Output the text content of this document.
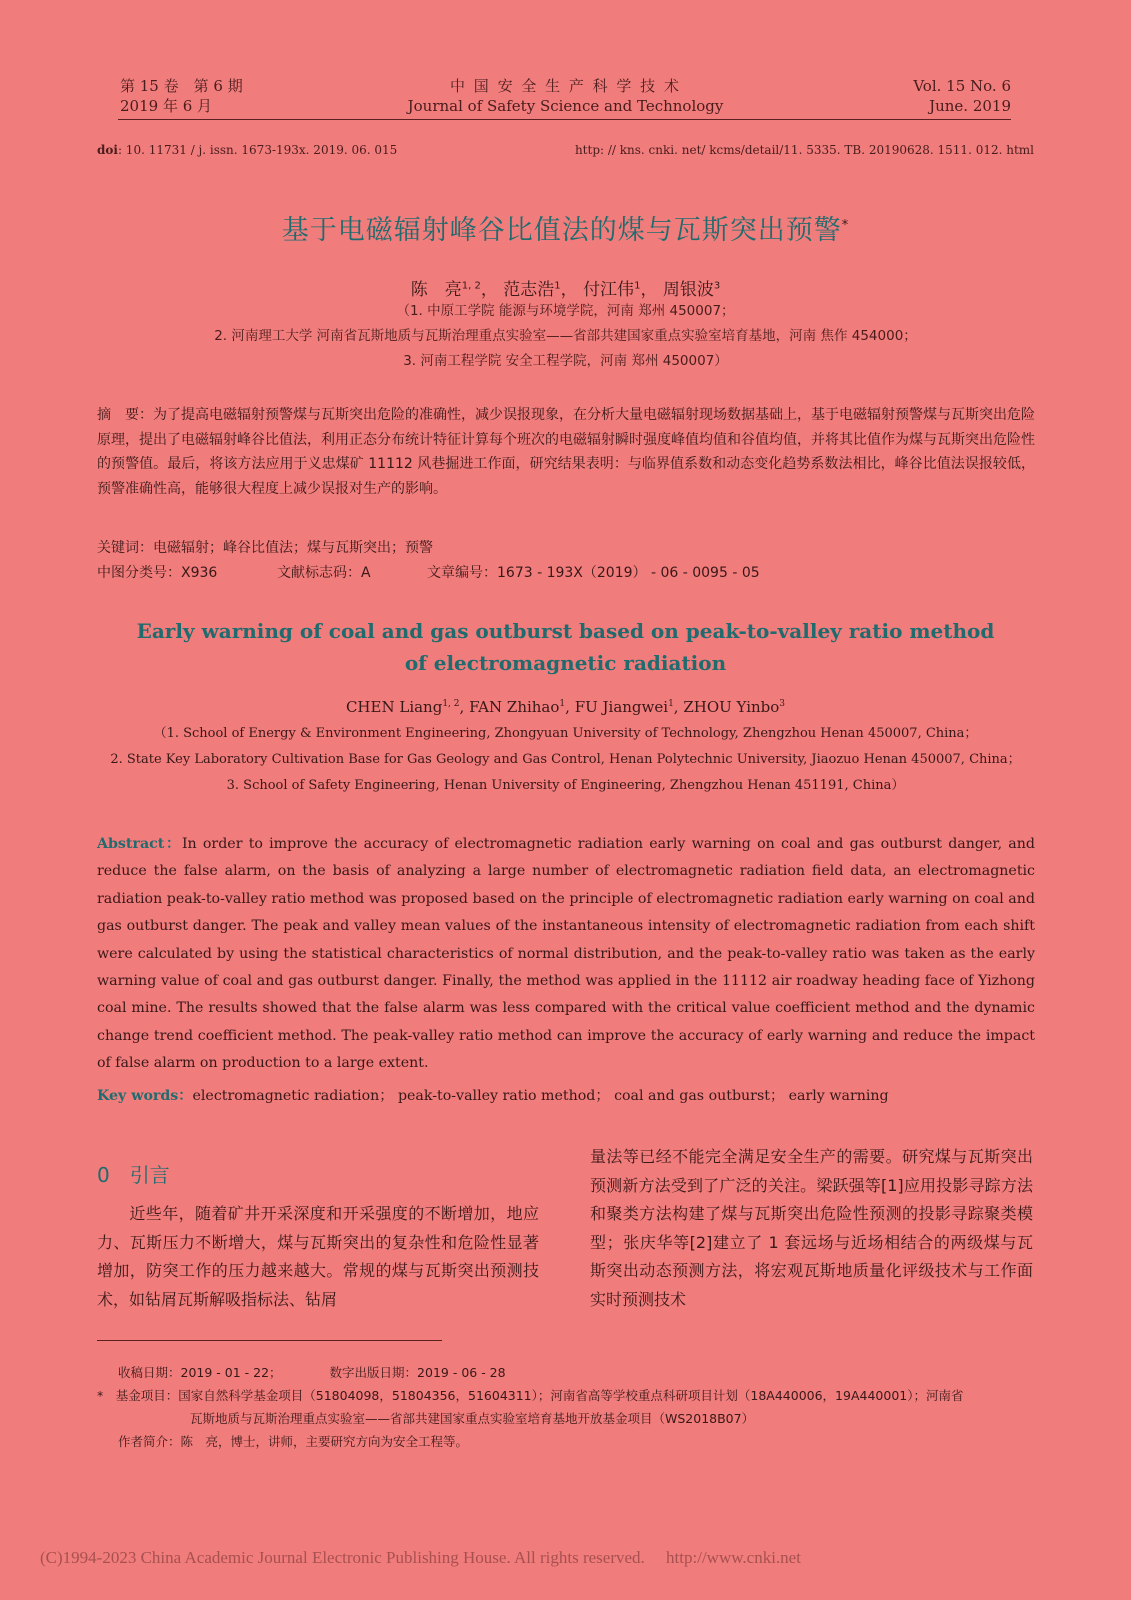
第 15 卷　第 6 期
2019 年 6 月
中 国 安 全 生 产 科 学 技 术
Journal of Safety Science and Technology
Vol. 15 No. 6
June. 2019
doi: 10. 11731 / j. issn. 1673-193x. 2019. 06. 015	http: // kns. cnki. net/ kcms/detail/11. 5335. TB. 20190628. 1511. 012. html
基于电磁辐射峰谷比值法的煤与瓦斯突出预警*
陈　亮$^{1, 2}$， 范志浩$^1$， 付江伟$^1$， 周银波$^3$
（1. 中原工学院 能源与环境学院，河南 郑州 450007；
2. 河南理工大学 河南省瓦斯地质与瓦斯治理重点实验室——省部共建国家重点实验室培育基地，河南 焦作 454000；
3. 河南工程学院 安全工程学院，河南 郑州 450007）
摘　要：为了提高电磁辐射预警煤与瓦斯突出危险的准确性，减少误报现象，在分析大量电磁辐射现场数据基础上，基于电磁辐射预警煤与瓦斯突出危险原理，提出了电磁辐射峰谷比值法，利用正态分布统计特征计算每个班次的电磁辐射瞬时强度峰值均值和谷值均值，并将其比值作为煤与瓦斯突出危险性的预警值。最后，将该方法应用于义忠煤矿 11112 风巷掘进工作面，研究结果表明：与临界值系数和动态变化趋势系数法相比，峰谷比值法误报较低，预警准确性高，能够很大程度上减少误报对生产的影响。
关键词：电磁辐射；峰谷比值法；煤与瓦斯突出；预警
中图分类号：X936	文献标志码：A	文章编号：1673 - 193X（2019） - 06 - 0095 - 05
Early warning of coal and gas outburst based on peak-to-valley ratio method
of electromagnetic radiation
CHEN Liang$^{1, 2}$, FAN Zhihao$^1$, FU Jiangwei$^1$, ZHOU Yinbo$^3$
（1. School of Energy & Environment Engineering, Zhongyuan University of Technology, Zhengzhou Henan 450007, China；
2. State Key Laboratory Cultivation Base for Gas Geology and Gas Control, Henan Polytechnic University, Jiaozuo Henan 450007, China；
3. School of Safety Engineering, Henan University of Engineering, Zhengzhou Henan 451191, China）
Abstract：In order to improve the accuracy of electromagnetic radiation early warning on coal and gas outburst danger, and reduce the false alarm, on the basis of analyzing a large number of electromagnetic radiation field data, an electromagnetic radiation peak-to-valley ratio method was proposed based on the principle of electromagnetic radiation early warning on coal and gas outburst danger. The peak and valley mean values of the instantaneous intensity of electromagnetic radiation from each shift were calculated by using the statistical characteristics of normal distribution, and the peak-to-valley ratio was taken as the early warning value of coal and gas outburst danger. Finally, the method was applied in the 11112 air roadway heading face of Yizhong coal mine. The results showed that the false alarm was less compared with the critical value coefficient method and the dynamic change trend coefficient method. The peak-valley ratio method can improve the accuracy of early warning and reduce the impact of false alarm on production to a large extent.
Key words：electromagnetic radiation； peak-to-valley ratio method； coal and gas outburst； early warning
0　引言
近些年，随着矿井开采深度和开采强度的不断增加，地应力、瓦斯压力不断增大，煤与瓦斯突出的复杂性和危险性显著增加，防突工作的压力越来越大。常规的煤与瓦斯突出预测技术，如钻屑瓦斯解吸指标法、钻屑
量法等已经不能完全满足安全生产的需要。研究煤与瓦斯突出预测新方法受到了广泛的关注。梁跃强等[1]应用投影寻踪方法和聚类方法构建了煤与瓦斯突出危险性预测的投影寻踪聚类模型；张庆华等[2]建立了 1 套远场与近场相结合的两级煤与瓦斯突出动态预测方法，将宏观瓦斯地质量化评级技术与工作面实时预测技术
收稿日期：2019 - 01 - 22；	数字出版日期：2019 - 06 - 28
*　基金项目：国家自然科学基金项目（51804098，51804356，51604311）；河南省高等学校重点科研项目计划（18A440006，19A440001）；河南省
瓦斯地质与瓦斯治理重点实验室——省部共建国家重点实验室培育基地开放基金项目（WS2018B07）
作者简介：陈　亮，博士，讲师，主要研究方向为安全工程等。
(C)1994-2023 China Academic Journal Electronic Publishing House. All rights reserved.　 http://www.cnki.net
